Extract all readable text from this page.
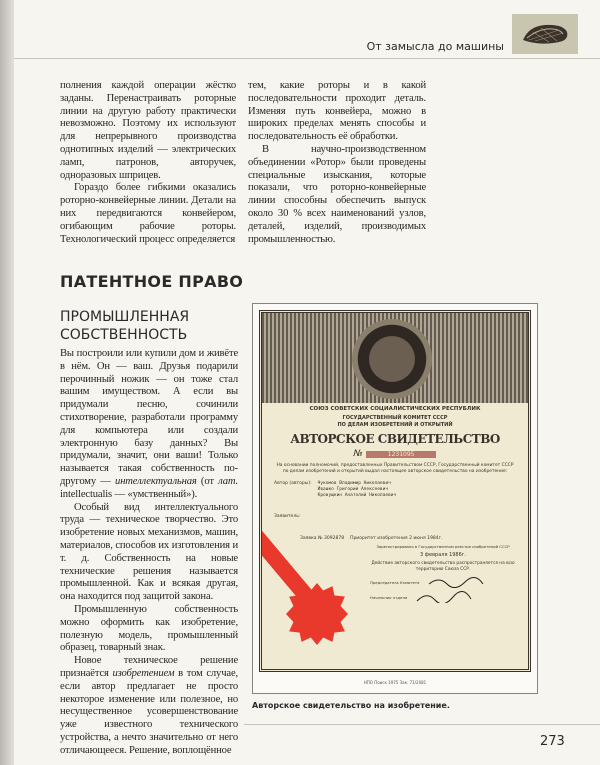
От замысла до машины

полнения каждой операции жёстко заданы. Перенастраивать роторные линии на другую работу практически невозможно. Поэтому их используют для непрерывного производства однотипных изделий — электрических ламп, патронов, авторучек, одноразовых шприцев.

Гораздо более гибкими оказались роторно-конвейерные линии. Детали на них передвигаются конвейером, огибающим рабочие роторы. Технологический процесс определяется

тем, какие роторы и в какой последовательности проходит деталь. Изменяя путь конвейера, можно в широких пределах менять способы и последовательность её обработки.

В научно-производственном объединении «Ротор» были проведены специальные изыскания, которые показали, что роторно-конвейерные линии способны обеспечить выпуск около 30 % всех наименований узлов, деталей, изделий, производимых промышленностью.

ПАТЕНТНОЕ ПРАВО
ПРОМЫШЛЕННАЯ СОБСТВЕННОСТЬ

Вы построили или купили дом и живёте в нём. Он — ваш. Друзья подарили перочинный ножик — он тоже стал вашим имуществом. А если вы придумали песню, сочинили стихотворение, разработали программу для компьютера или создали электронную базу данных? Вы придумали, значит, они ваши! Только называется такая собственность по-другому — интеллектуальная (от лат. intellectualis — «умственный»).

Особый вид интеллектуального труда — техническое творчество. Это изобретение новых механизмов, машин, материалов, способов их изготовления и т. д. Собственность на новые технические решения называется промышленной. Как и всякая другая, она находится под защитой закона.

Промышленную собственность можно оформить как изобретение, полезную модель, промышленный образец, товарный знак.

Новое техническое решение признаётся изобретением в том случае, если автор предлагает не просто некоторое изменение или полезное, но несущественное усовершенствование уже известного технического устройства, а нечто значительно от него отличающееся. Решение, воплощённое

СОЮЗ СОВЕТСКИХ СОЦИАЛИСТИЧЕСКИХ РЕСПУБЛИК
ГОСУДАРСТВЕННЫЙ КОМИТЕТ СССР
ПО ДЕЛАМ ИЗОБРЕТЕНИЙ И ОТКРЫТИЙ
АВТОРСКОЕ СВИДЕТЕЛЬСТВО
№	1231095
На основании полномочий, предоставленных Правительством СССР, Государственный комитет СССР по делам изобретений и открытий выдал настоящее авторское свидетельство на изобретение:
Автор (авторы): Чукомов Владимир Николаевич
Ивашко Григорий Алексеевич
Кровущкин Анатолий Николаевич
Заявитель:
Заявка № 3092878 Приоритет изобретения 2 июня 1984г.
Зарегистрировано в Государственном реестре изобретений СССР
3 февраля 1986г.
Действие авторского свидетельства распространяется на всю территорию Союза ССР.
Председатель Комитета
Начальник отдела
НПО Поиск 1975 Зак. 71/2081
Авторское свидетельство на изобретение.
273
